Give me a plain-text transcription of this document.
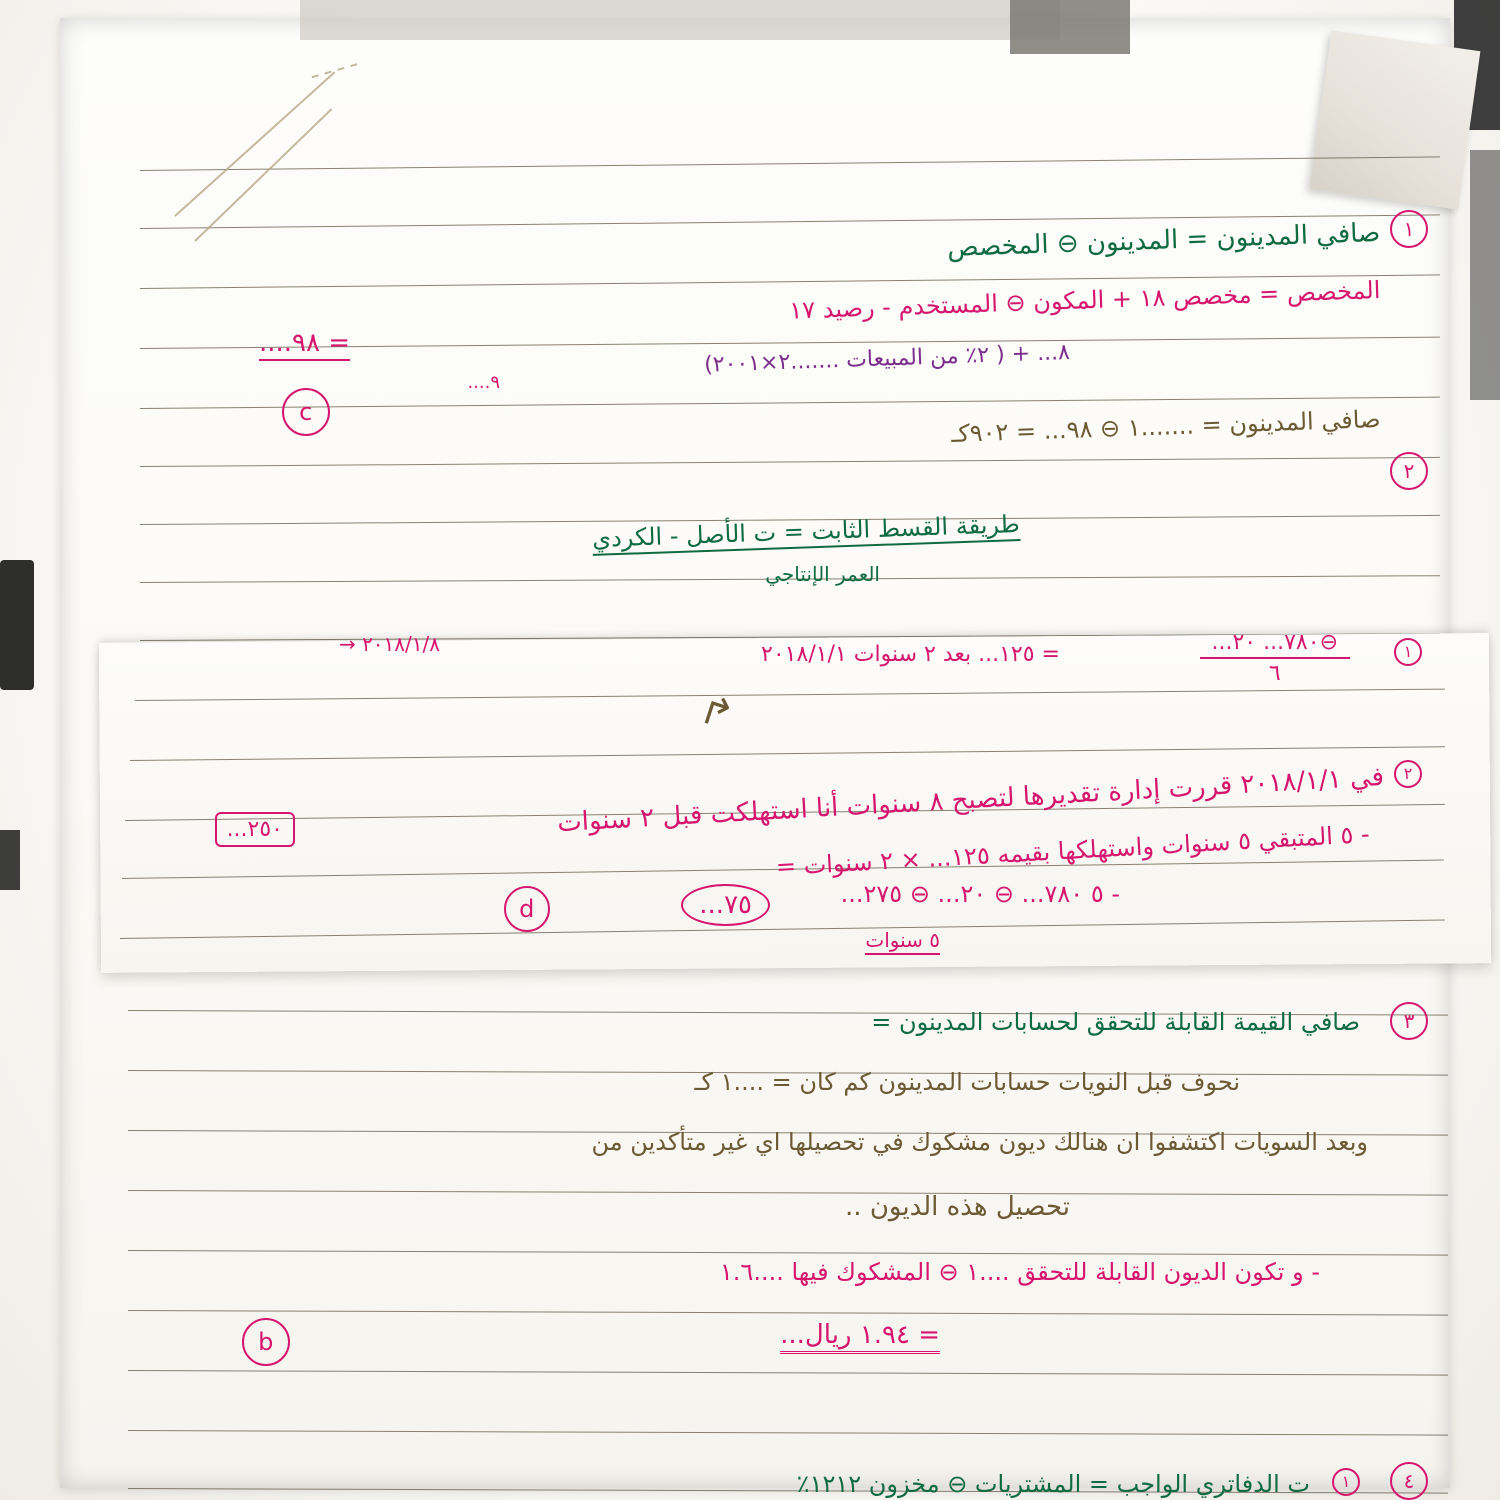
ـ ـ ـ ـ
١
صافي المدينون = المدينون ⊖ المخصص
المخصص = مخصص ١٨ + المكون ⊖ المستخدم - رصيد ١٧
٨... + ( ٢٪ من المبيعات .......٢×٢٠٠١)
= ٩٨....
٩....
صافي المدينون = .......١ ⊖ ٩٨... = ٩٠٢كـ
c
٢
طريقة القسط الثابت = ت الأصل - الكردي
العمر الإنتاجي
١
$\frac{⊖٧٨٠... ٢٠...}{٦}$
= ١٢٥... بعد ٢ سنوات ٢٠١٨/١/١
٢٠١٨/١/٨ →
↱
٢
في ٢٠١٨/١/١ قررت إدارة تقديرها لتصبح ٨ سنوات أنا استهلكت قبل ٢ سنوات
- ٥ المتبقي ٥ سنوات واستهلكها بقيمه ١٢٥... × ٢ سنوات =
٢٥٠...
- ٥ ٧٨٠... ⊖ ٢٠... ⊖ ٢٧٥...
٥ سنوات
٧٥...
d
٣
صافي القيمة القابلة للتحقق لحسابات المدينون =
نحوف قبل النويات حسابات المدينون كم كان = ....١ كـ
وبعد السويات اكتشفوا ان هنالك ديون مشكوك في تحصيلها اي غير متأكدين من
تحصيل هذه الديون ..
- و تكون الديون القابلة للتحقق ....١ ⊖ المشكوك فيها ....١.٦
= ١.٩٤ ريال...
b
٤
١
ت الدفاتري الواجب = المشتريات ⊖ مخزون ١٢١٢٪
